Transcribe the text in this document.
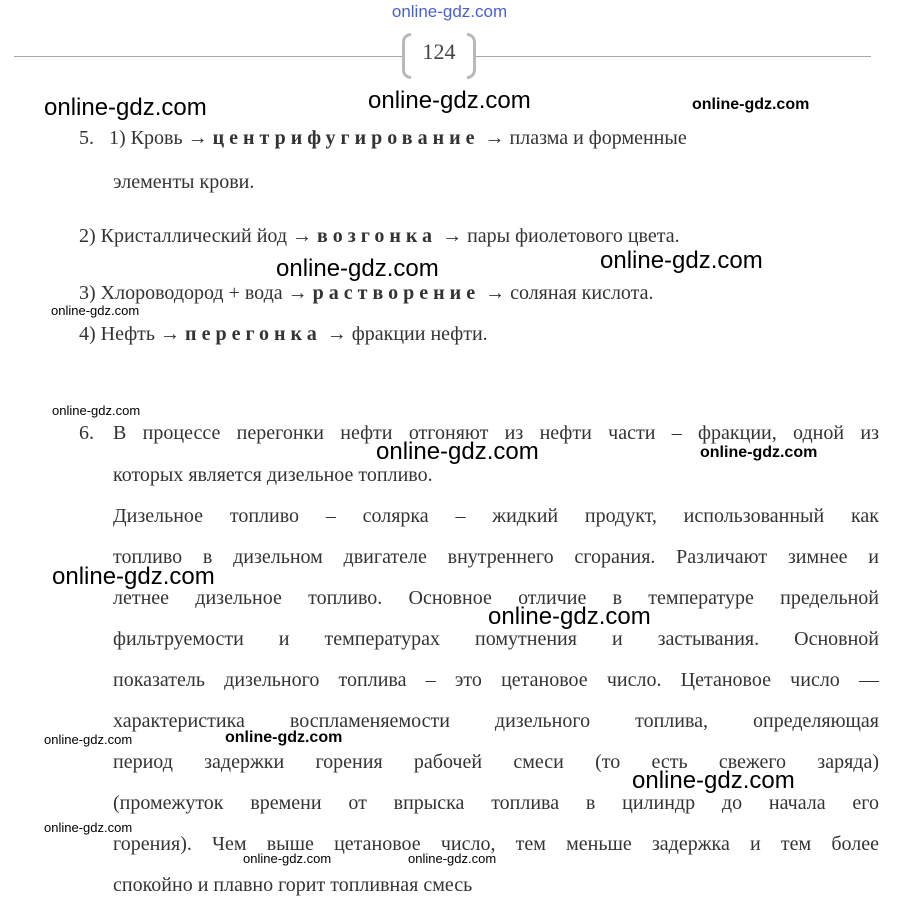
online-gdz.com
124
5. 1) Кровь → центрифугирование → плазма и форменные
элементы крови.
2) Кристаллический йод → возгонка → пары фиолетового цвета.
3) Хлороводород + вода → растворение → соляная кислота.
4) Нефть → перегонка → фракции нефти.
6. В процессе перегонки нефти отгоняют из нефти части – фракции, одной из
которых является дизельное топливо.
Дизельное топливо – солярка – жидкий продукт, использованный как
топливо в дизельном двигателе внутреннего сгорания. Различают зимнее и
летнее дизельное топливо. Основное отличие в температуре предельной
фильтруемости и температурах помутнения и застывания. Основной
показатель дизельного топлива – это цетановое число. Цетановое число —
характеристика воспламеняемости дизельного топлива, определяющая
период задержки горения рабочей смеси (то есть свежего заряда)
(промежуток времени от впрыска топлива в цилиндр до начала его
горения). Чем выше цетановое число, тем меньше задержка и тем более
спокойно и плавно горит топливная смесь
online-gdz.com	online-gdz.com	online-gdz.com
online-gdz.com	online-gdz.com
online-gdz.com
online-gdz.com
online-gdz.com	online-gdz.com
online-gdz.com
online-gdz.com
online-gdz.com	online-gdz.com
online-gdz.com
online-gdz.com
online-gdz.com	online-gdz.com
